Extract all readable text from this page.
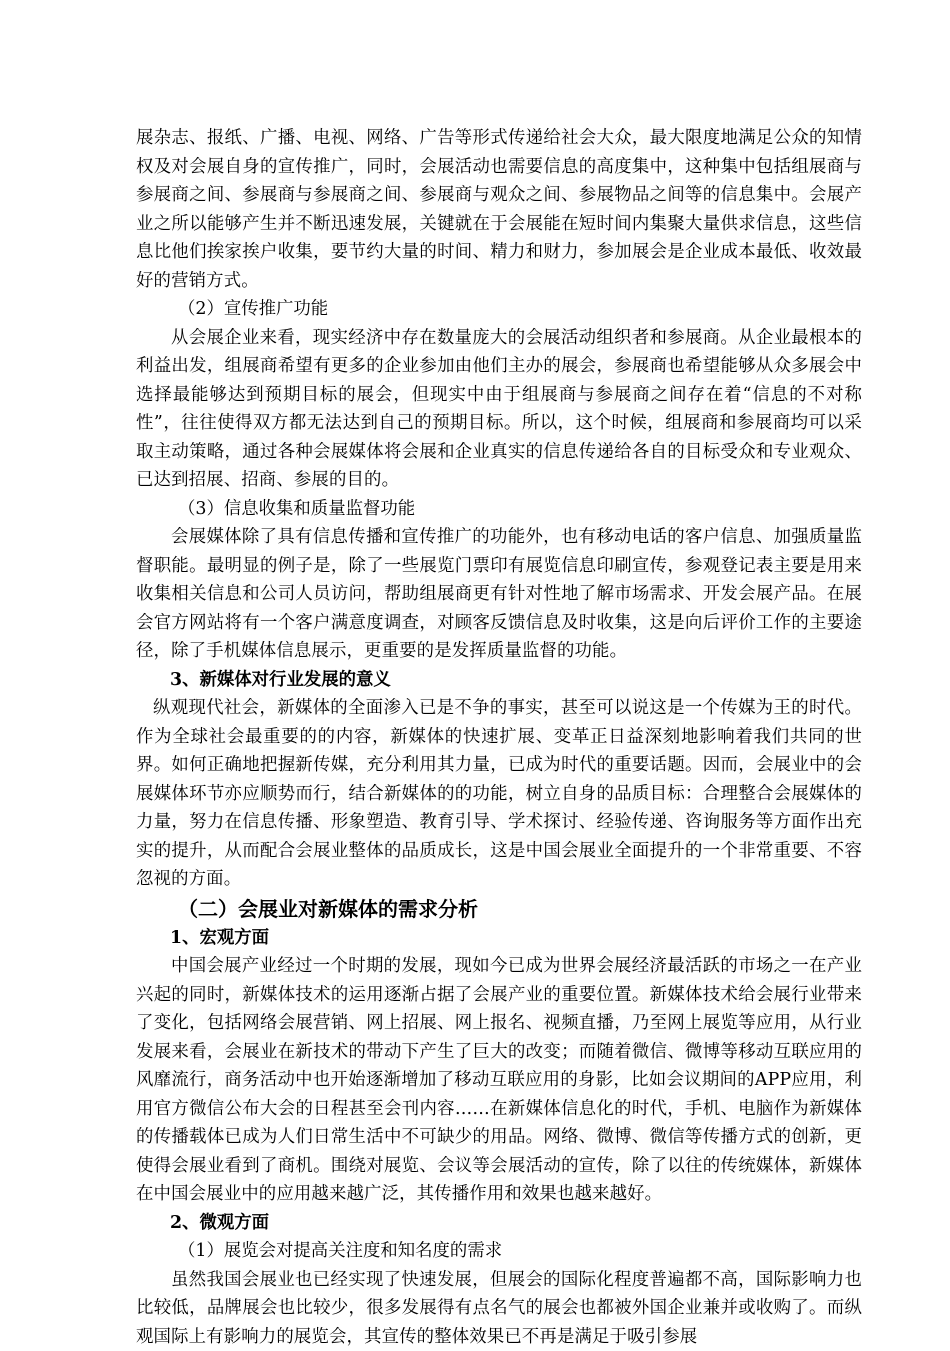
展杂志、报纸、广播、电视、网络、广告等形式传递给社会大众，最大限度地满足公众的知情权及对会展自身的宣传推广，同时，会展活动也需要信息的高度集中，这种集中包括组展商与参展商之间、参展商与参展商之间、参展商与观众之间、参展物品之间等的信息集中。会展产业之所以能够产生并不断迅速发展，关键就在于会展能在短时间内集聚大量供求信息，这些信息比他们挨家挨户收集，要节约大量的时间、精力和财力，参加展会是企业成本最低、收效最好的营销方式。

（2）宣传推广功能

从会展企业来看，现实经济中存在数量庞大的会展活动组织者和参展商。从企业最根本的利益出发，组展商希望有更多的企业参加由他们主办的展会，参展商也希望能够从众多展会中选择最能够达到预期目标的展会，但现实中由于组展商与参展商之间存在着“信息的不对称性”，往往使得双方都无法达到自己的预期目标。所以，这个时候，组展商和参展商均可以采取主动策略，通过各种会展媒体将会展和企业真实的信息传递给各自的目标受众和专业观众、已达到招展、招商、参展的目的。

（3）信息收集和质量监督功能

会展媒体除了具有信息传播和宣传推广的功能外，也有移动电话的客户信息、加强质量监督职能。最明显的例子是，除了一些展览门票印有展览信息印刷宣传，参观登记表主要是用来收集相关信息和公司人员访问，帮助组展商更有针对性地了解市场需求、开发会展产品。在展会官方网站将有一个客户满意度调查，对顾客反馈信息及时收集，这是向后评价工作的主要途径，除了手机媒体信息展示，更重要的是发挥质量监督的功能。

3、新媒体对行业发展的意义

纵观现代社会，新媒体的全面渗入已是不争的事实，甚至可以说这是一个传媒为王的时代。作为全球社会最重要的的内容，新媒体的快速扩展、变革正日益深刻地影响着我们共同的世界。如何正确地把握新传媒，充分利用其力量，已成为时代的重要话题。因而，会展业中的会展媒体环节亦应顺势而行，结合新媒体的的功能，树立自身的品质目标：合理整合会展媒体的力量，努力在信息传播、形象塑造、教育引导、学术探讨、经验传递、咨询服务等方面作出充实的提升，从而配合会展业整体的品质成长，这是中国会展业全面提升的一个非常重要、不容忽视的方面。

（二）会展业对新媒体的需求分析

1、宏观方面

中国会展产业经过一个时期的发展，现如今已成为世界会展经济最活跃的市场之一在产业兴起的同时，新媒体技术的运用逐渐占据了会展产业的重要位置。新媒体技术给会展行业带来了变化，包括网络会展营销、网上招展、网上报名、视频直播，乃至网上展览等应用，从行业发展来看，会展业在新技术的带动下产生了巨大的改变；而随着微信、微博等移动互联应用的风靡流行，商务活动中也开始逐渐增加了移动互联应用的身影，比如会议期间的APP应用，利用官方微信公布大会的日程甚至会刊内容……在新媒体信息化的时代，手机、电脑作为新媒体的传播载体已成为人们日常生活中不可缺少的用品。网络、微博、微信等传播方式的创新，更使得会展业看到了商机。围绕对展览、会议等会展活动的宣传，除了以往的传统媒体，新媒体在中国会展业中的应用越来越广泛，其传播作用和效果也越来越好。

2、微观方面

（1）展览会对提高关注度和知名度的需求

虽然我国会展业也已经实现了快速发展，但展会的国际化程度普遍都不高，国际影响力也比较低，品牌展会也比较少，很多发展得有点名气的展会也都被外国企业兼并或收购了。而纵观国际上有影响力的展览会，其宣传的整体效果已不再是满足于吸引参展
